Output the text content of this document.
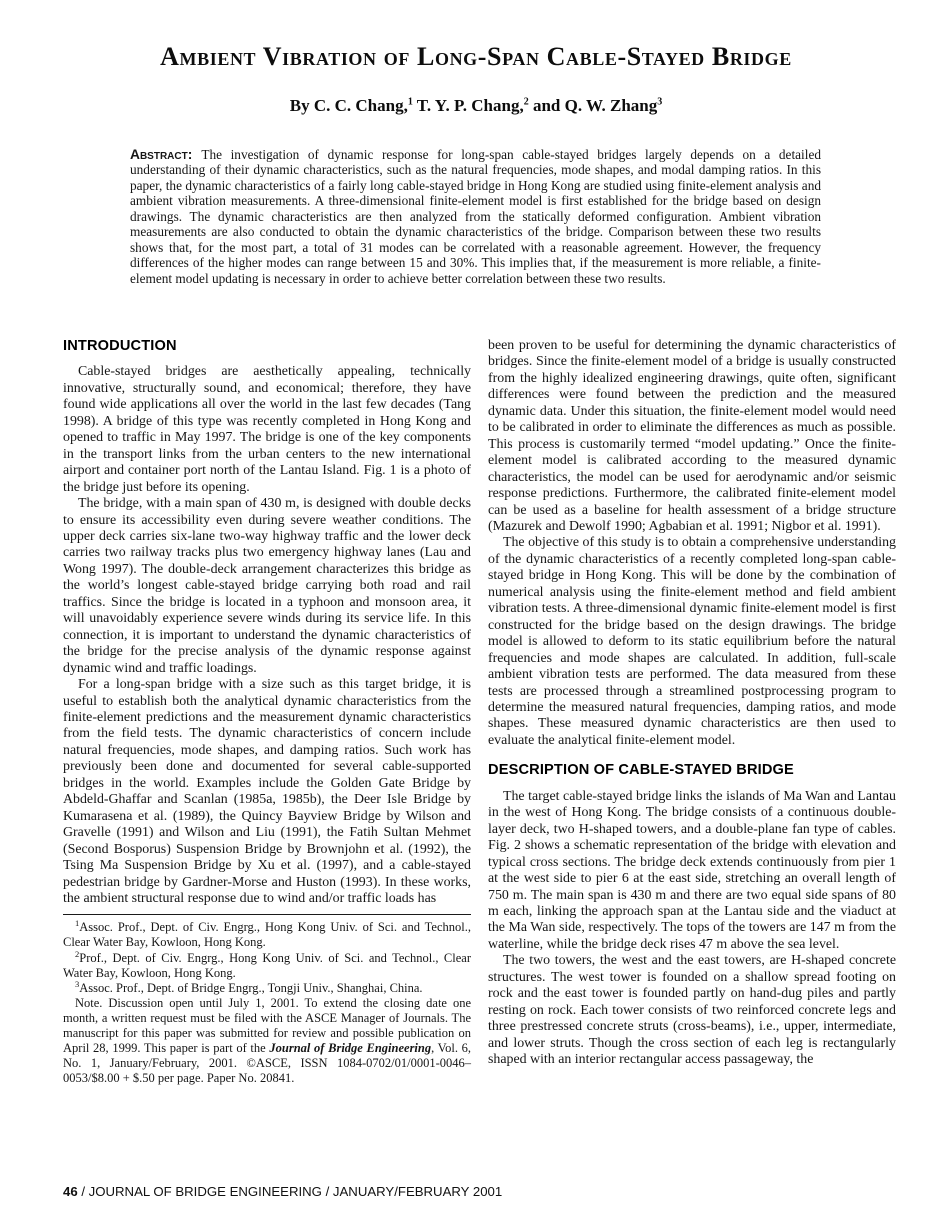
Ambient Vibration of Long-Span Cable-Stayed Bridge
By C. C. Chang,$^1$ T. Y. P. Chang,$^2$ and Q. W. Zhang$^3$
Abstract: The investigation of dynamic response for long-span cable-stayed bridges largely depends on a detailed understanding of their dynamic characteristics, such as the natural frequencies, mode shapes, and modal damping ratios. In this paper, the dynamic characteristics of a fairly long cable-stayed bridge in Hong Kong are studied using finite-element analysis and ambient vibration measurements. A three-dimensional finite-element model is first established for the bridge based on design drawings. The dynamic characteristics are then analyzed from the statically deformed configuration. Ambient vibration measurements are also conducted to obtain the dynamic characteristics of the bridge. Comparison between these two results shows that, for the most part, a total of 31 modes can be correlated with a reasonable agreement. However, the frequency differences of the higher modes can range between 15 and 30%. This implies that, if the measurement is more reliable, a finite-element model updating is necessary in order to achieve better correlation between these two results.
INTRODUCTION

Cable-stayed bridges are aesthetically appealing, technically innovative, structurally sound, and economical; therefore, they have found wide applications all over the world in the last few decades (Tang 1998). A bridge of this type was recently completed in Hong Kong and opened to traffic in May 1997. The bridge is one of the key components in the transport links from the urban centers to the new international airport and container port north of the Lantau Island. Fig. 1 is a photo of the bridge just before its opening.

The bridge, with a main span of 430 m, is designed with double decks to ensure its accessibility even during severe weather conditions. The upper deck carries six-lane two-way highway traffic and the lower deck carries two railway tracks plus two emergency highway lanes (Lau and Wong 1997). The double-deck arrangement characterizes this bridge as the world’s longest cable-stayed bridge carrying both road and rail traffics. Since the bridge is located in a typhoon and monsoon area, it will unavoidably experience severe winds during its service life. In this connection, it is important to understand the dynamic characteristics of the bridge for the precise analysis of the dynamic response against dynamic wind and traffic loadings.

For a long-span bridge with a size such as this target bridge, it is useful to establish both the analytical dynamic characteristics from the finite-element predictions and the measurement dynamic characteristics from the field tests. The dynamic characteristics of concern include natural frequencies, mode shapes, and damping ratios. Such work has previously been done and documented for several cable-supported bridges in the world. Examples include the Golden Gate Bridge by Abdeld-Ghaffar and Scanlan (1985a, 1985b), the Deer Isle Bridge by Kumarasena et al. (1989), the Quincy Bayview Bridge by Wilson and Gravelle (1991) and Wilson and Liu (1991), the Fatih Sultan Mehmet (Second Bosporus) Suspension Bridge by Brownjohn et al. (1992), the Tsing Ma Suspension Bridge by Xu et al. (1997), and a cable-stayed pedestrian bridge by Gardner-Morse and Huston (1993). In these works, the ambient structural response due to wind and/or traffic loads has

$^1$Assoc. Prof., Dept. of Civ. Engrg., Hong Kong Univ. of Sci. and Technol., Clear Water Bay, Kowloon, Hong Kong.

$^2$Prof., Dept. of Civ. Engrg., Hong Kong Univ. of Sci. and Technol., Clear Water Bay, Kowloon, Hong Kong.

$^3$Assoc. Prof., Dept. of Bridge Engrg., Tongji Univ., Shanghai, China.

Note. Discussion open until July 1, 2001. To extend the closing date one month, a written request must be filed with the ASCE Manager of Journals. The manuscript for this paper was submitted for review and possible publication on April 28, 1999. This paper is part of the Journal of Bridge Engineering, Vol. 6, No. 1, January/February, 2001. ©ASCE, ISSN 1084-0702/01/0001-0046–0053/$8.00 + $.50 per page. Paper No. 20841.

been proven to be useful for determining the dynamic characteristics of bridges. Since the finite-element model of a bridge is usually constructed from the highly idealized engineering drawings, quite often, significant differences were found between the prediction and the measured dynamic data. Under this situation, the finite-element model would need to be calibrated in order to eliminate the differences as much as possible. This process is customarily termed “model updating.” Once the finite-element model is calibrated according to the measured dynamic characteristics, the model can be used for aerodynamic and/or seismic response predictions. Furthermore, the calibrated finite-element model can be used as a baseline for health assessment of a bridge structure (Mazurek and Dewolf 1990; Agbabian et al. 1991; Nigbor et al. 1991).

The objective of this study is to obtain a comprehensive understanding of the dynamic characteristics of a recently completed long-span cable-stayed bridge in Hong Kong. This will be done by the combination of numerical analysis using the finite-element method and field ambient vibration tests. A three-dimensional dynamic finite-element model is first constructed for the bridge based on the design drawings. The bridge model is allowed to deform to its static equilibrium before the natural frequencies and mode shapes are calculated. In addition, full-scale ambient vibration tests are performed. The data measured from these tests are processed through a streamlined postprocessing program to determine the measured natural frequencies, damping ratios, and mode shapes. These measured dynamic characteristics are then used to evaluate the analytical finite-element model.

DESCRIPTION OF CABLE-STAYED BRIDGE

The target cable-stayed bridge links the islands of Ma Wan and Lantau in the west of Hong Kong. The bridge consists of a continuous double-layer deck, two H-shaped towers, and a double-plane fan type of cables. Fig. 2 shows a schematic representation of the bridge with elevation and typical cross sections. The bridge deck extends continuously from pier 1 at the west side to pier 6 at the east side, stretching an overall length of 750 m. The main span is 430 m and there are two equal side spans of 80 m each, linking the approach span at the Lantau side and the viaduct at the Ma Wan side, respectively. The tops of the towers are 147 m from the waterline, while the bridge deck rises 47 m above the sea level.

The two towers, the west and the east towers, are H-shaped concrete structures. The west tower is founded on a shallow spread footing on rock and the east tower is founded partly on hand-dug piles and partly resting on rock. Each tower consists of two reinforced concrete legs and three prestressed concrete struts (cross-beams), i.e., upper, intermediate, and lower struts. Though the cross section of each leg is rectangularly shaped with an interior rectangular access passageway, the

46 / JOURNAL OF BRIDGE ENGINEERING / JANUARY/FEBRUARY 2001
